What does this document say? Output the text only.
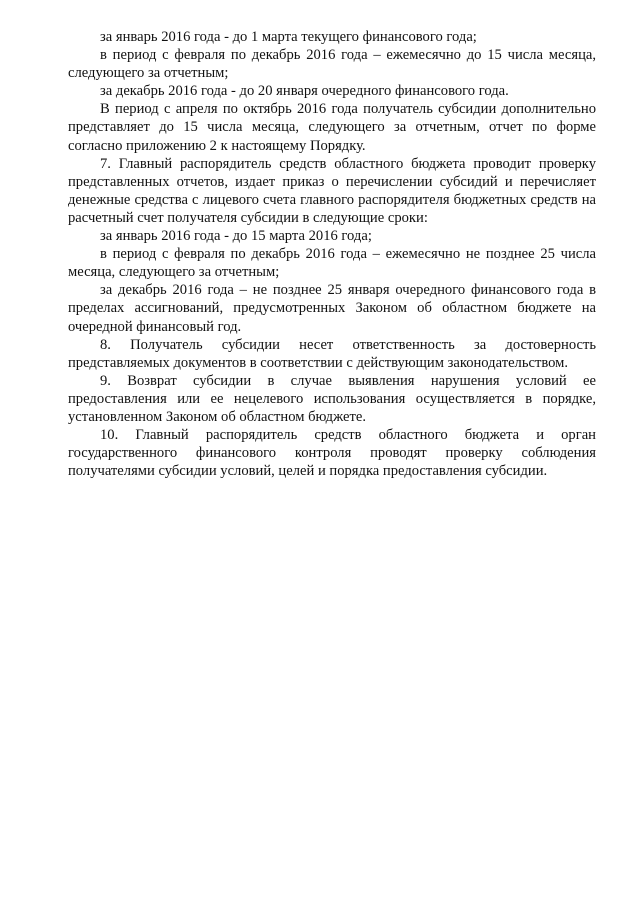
за январь 2016 года - до 1 марта текущего финансового года;

в период с февраля по декабрь 2016 года – ежемесячно до 15 числа месяца, следующего за отчетным;

за декабрь 2016 года - до 20 января очередного финансового года.

В период с апреля по октябрь 2016 года получатель субсидии дополнительно представляет до 15 числа месяца, следующего за отчетным, отчет по форме согласно приложению 2 к настоящему Порядку.

7. Главный распорядитель средств областного бюджета проводит проверку представленных отчетов, издает приказ о перечислении субсидий и перечисляет денежные средства с лицевого счета главного распорядителя бюджетных средств на расчетный счет получателя субсидии в следующие сроки:

за январь 2016 года - до 15 марта 2016 года;

в период с февраля по декабрь 2016 года – ежемесячно не позднее 25 числа месяца, следующего за отчетным;

за декабрь 2016 года – не позднее 25 января очередного финансового года в пределах ассигнований, предусмотренных Законом об областном бюджете на очередной финансовый год.

8. Получатель субсидии несет ответственность за достоверность представляемых документов в соответствии с действующим законодательством.

9. Возврат субсидии в случае выявления нарушения условий ее предоставления или ее нецелевого использования осуществляется в порядке, установленном Законом об областном бюджете.

10. Главный распорядитель средств областного бюджета и орган государственного финансового контроля проводят проверку соблюдения получателями субсидии условий, целей и порядка предоставления субсидии.
